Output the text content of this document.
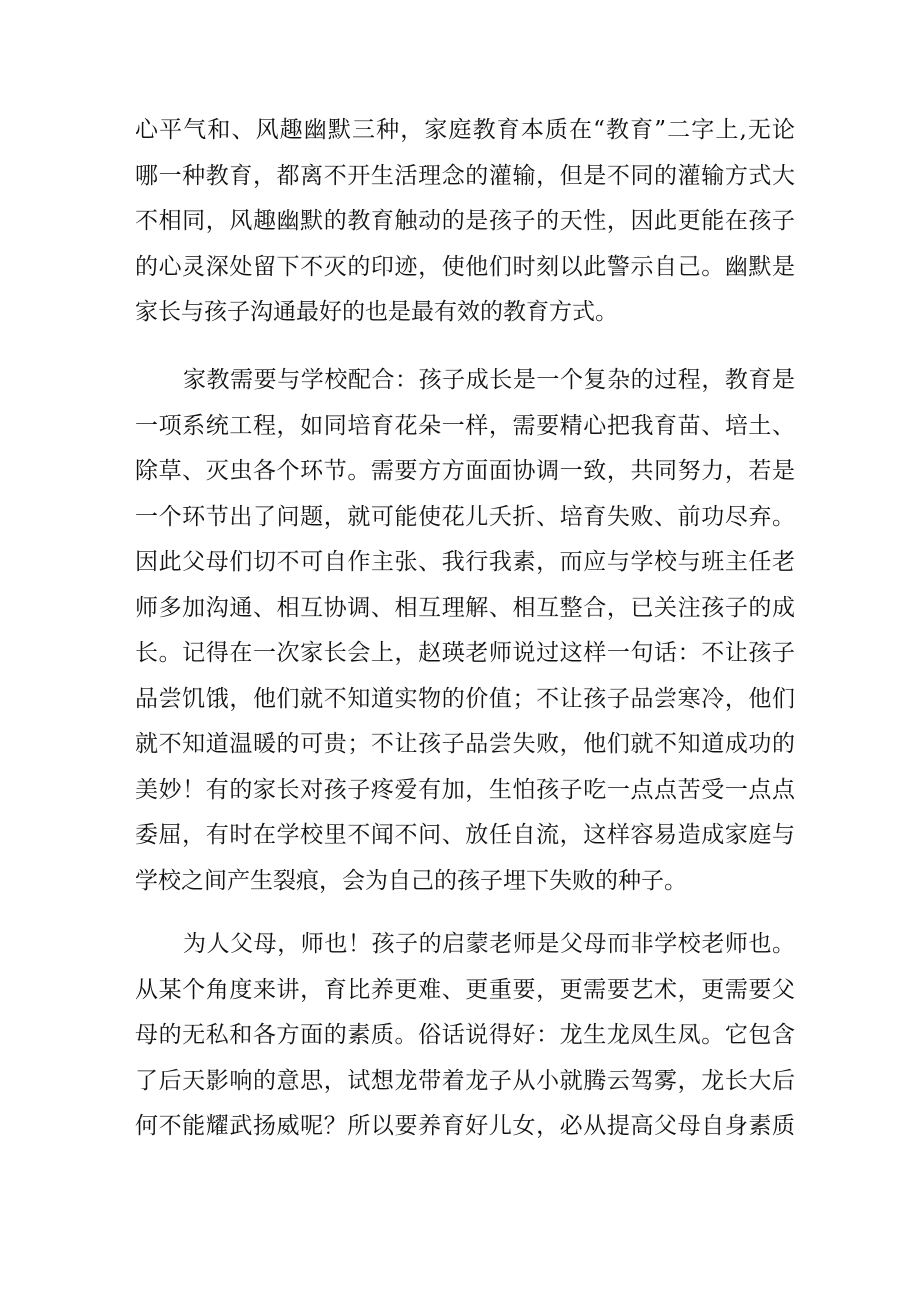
心平气和、风趣幽默三种，家庭教育本质在“教育”二字上,无论
哪一种教育，都离不开生活理念的灌输，但是不同的灌输方式大
不相同，风趣幽默的教育触动的是孩子的天性，因此更能在孩子
的心灵深处留下不灭的印迹，使他们时刻以此警示自己。幽默是
家长与孩子沟通最好的也是最有效的教育方式。
家教需要与学校配合：孩子成长是一个复杂的过程，教育是
一项系统工程，如同培育花朵一样，需要精心把我育苗、培土、
除草、灭虫各个环节。需要方方面面协调一致，共同努力，若是
一个环节出了问题，就可能使花儿夭折、培育失败、前功尽弃。
因此父母们切不可自作主张、我行我素，而应与学校与班主任老
师多加沟通、相互协调、相互理解、相互整合，已关注孩子的成
长。记得在一次家长会上，赵瑛老师说过这样一句话：不让孩子
品尝饥饿，他们就不知道实物的价值；不让孩子品尝寒冷，他们
就不知道温暖的可贵；不让孩子品尝失败，他们就不知道成功的
美妙！有的家长对孩子疼爱有加，生怕孩子吃一点点苦受一点点
委屈，有时在学校里不闻不问、放任自流，这样容易造成家庭与
学校之间产生裂痕，会为自己的孩子埋下失败的种子。
为人父母，师也！孩子的启蒙老师是父母而非学校老师也。
从某个角度来讲，育比养更难、更重要，更需要艺术，更需要父
母的无私和各方面的素质。俗话说得好：龙生龙凤生凤。它包含
了后天影响的意思，试想龙带着龙子从小就腾云驾雾，龙长大后
何不能耀武扬威呢？所以要养育好儿女，必从提高父母自身素质
